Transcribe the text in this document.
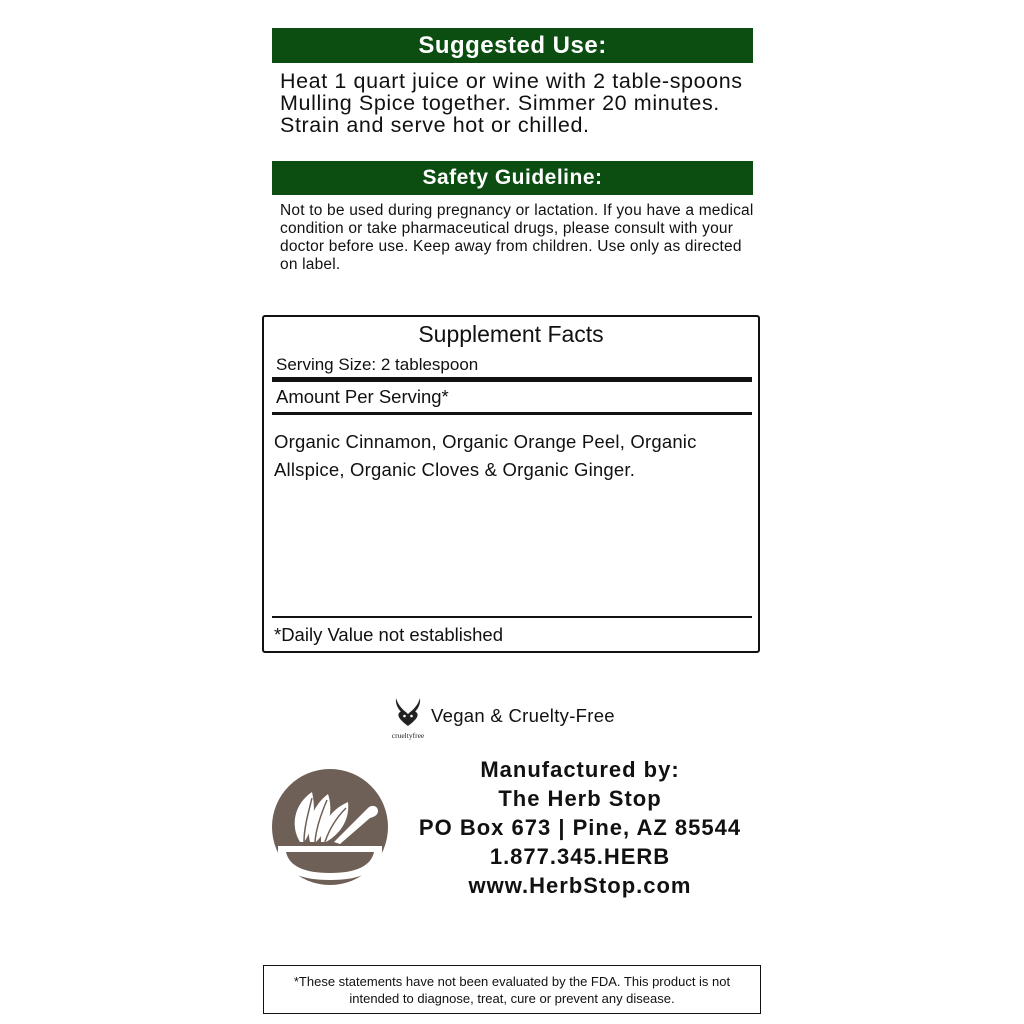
Suggested Use:
Heat 1 quart juice or wine with 2 table-spoons Mulling Spice together. Simmer 20 minutes. Strain and serve hot or chilled.
Safety Guideline:
Not to be used during pregnancy or lactation. If you have a medical condition or take pharmaceutical drugs, please consult with your doctor before use. Keep away from children. Use only as directed on label.
Supplement Facts
Serving Size: 2 tablespoon
Amount Per Serving*
Organic Cinnamon, Organic Orange Peel, Organic Allspice, Organic Cloves & Organic Ginger.
*Daily Value not established
crueltyfree
Vegan & Cruelty-Free
Manufactured by:
The Herb Stop
PO Box 673 | Pine, AZ 85544
1.877.345.HERB
www.HerbStop.com
*These statements have not been evaluated by the FDA. This product is not
intended to diagnose, treat, cure or prevent any disease.
